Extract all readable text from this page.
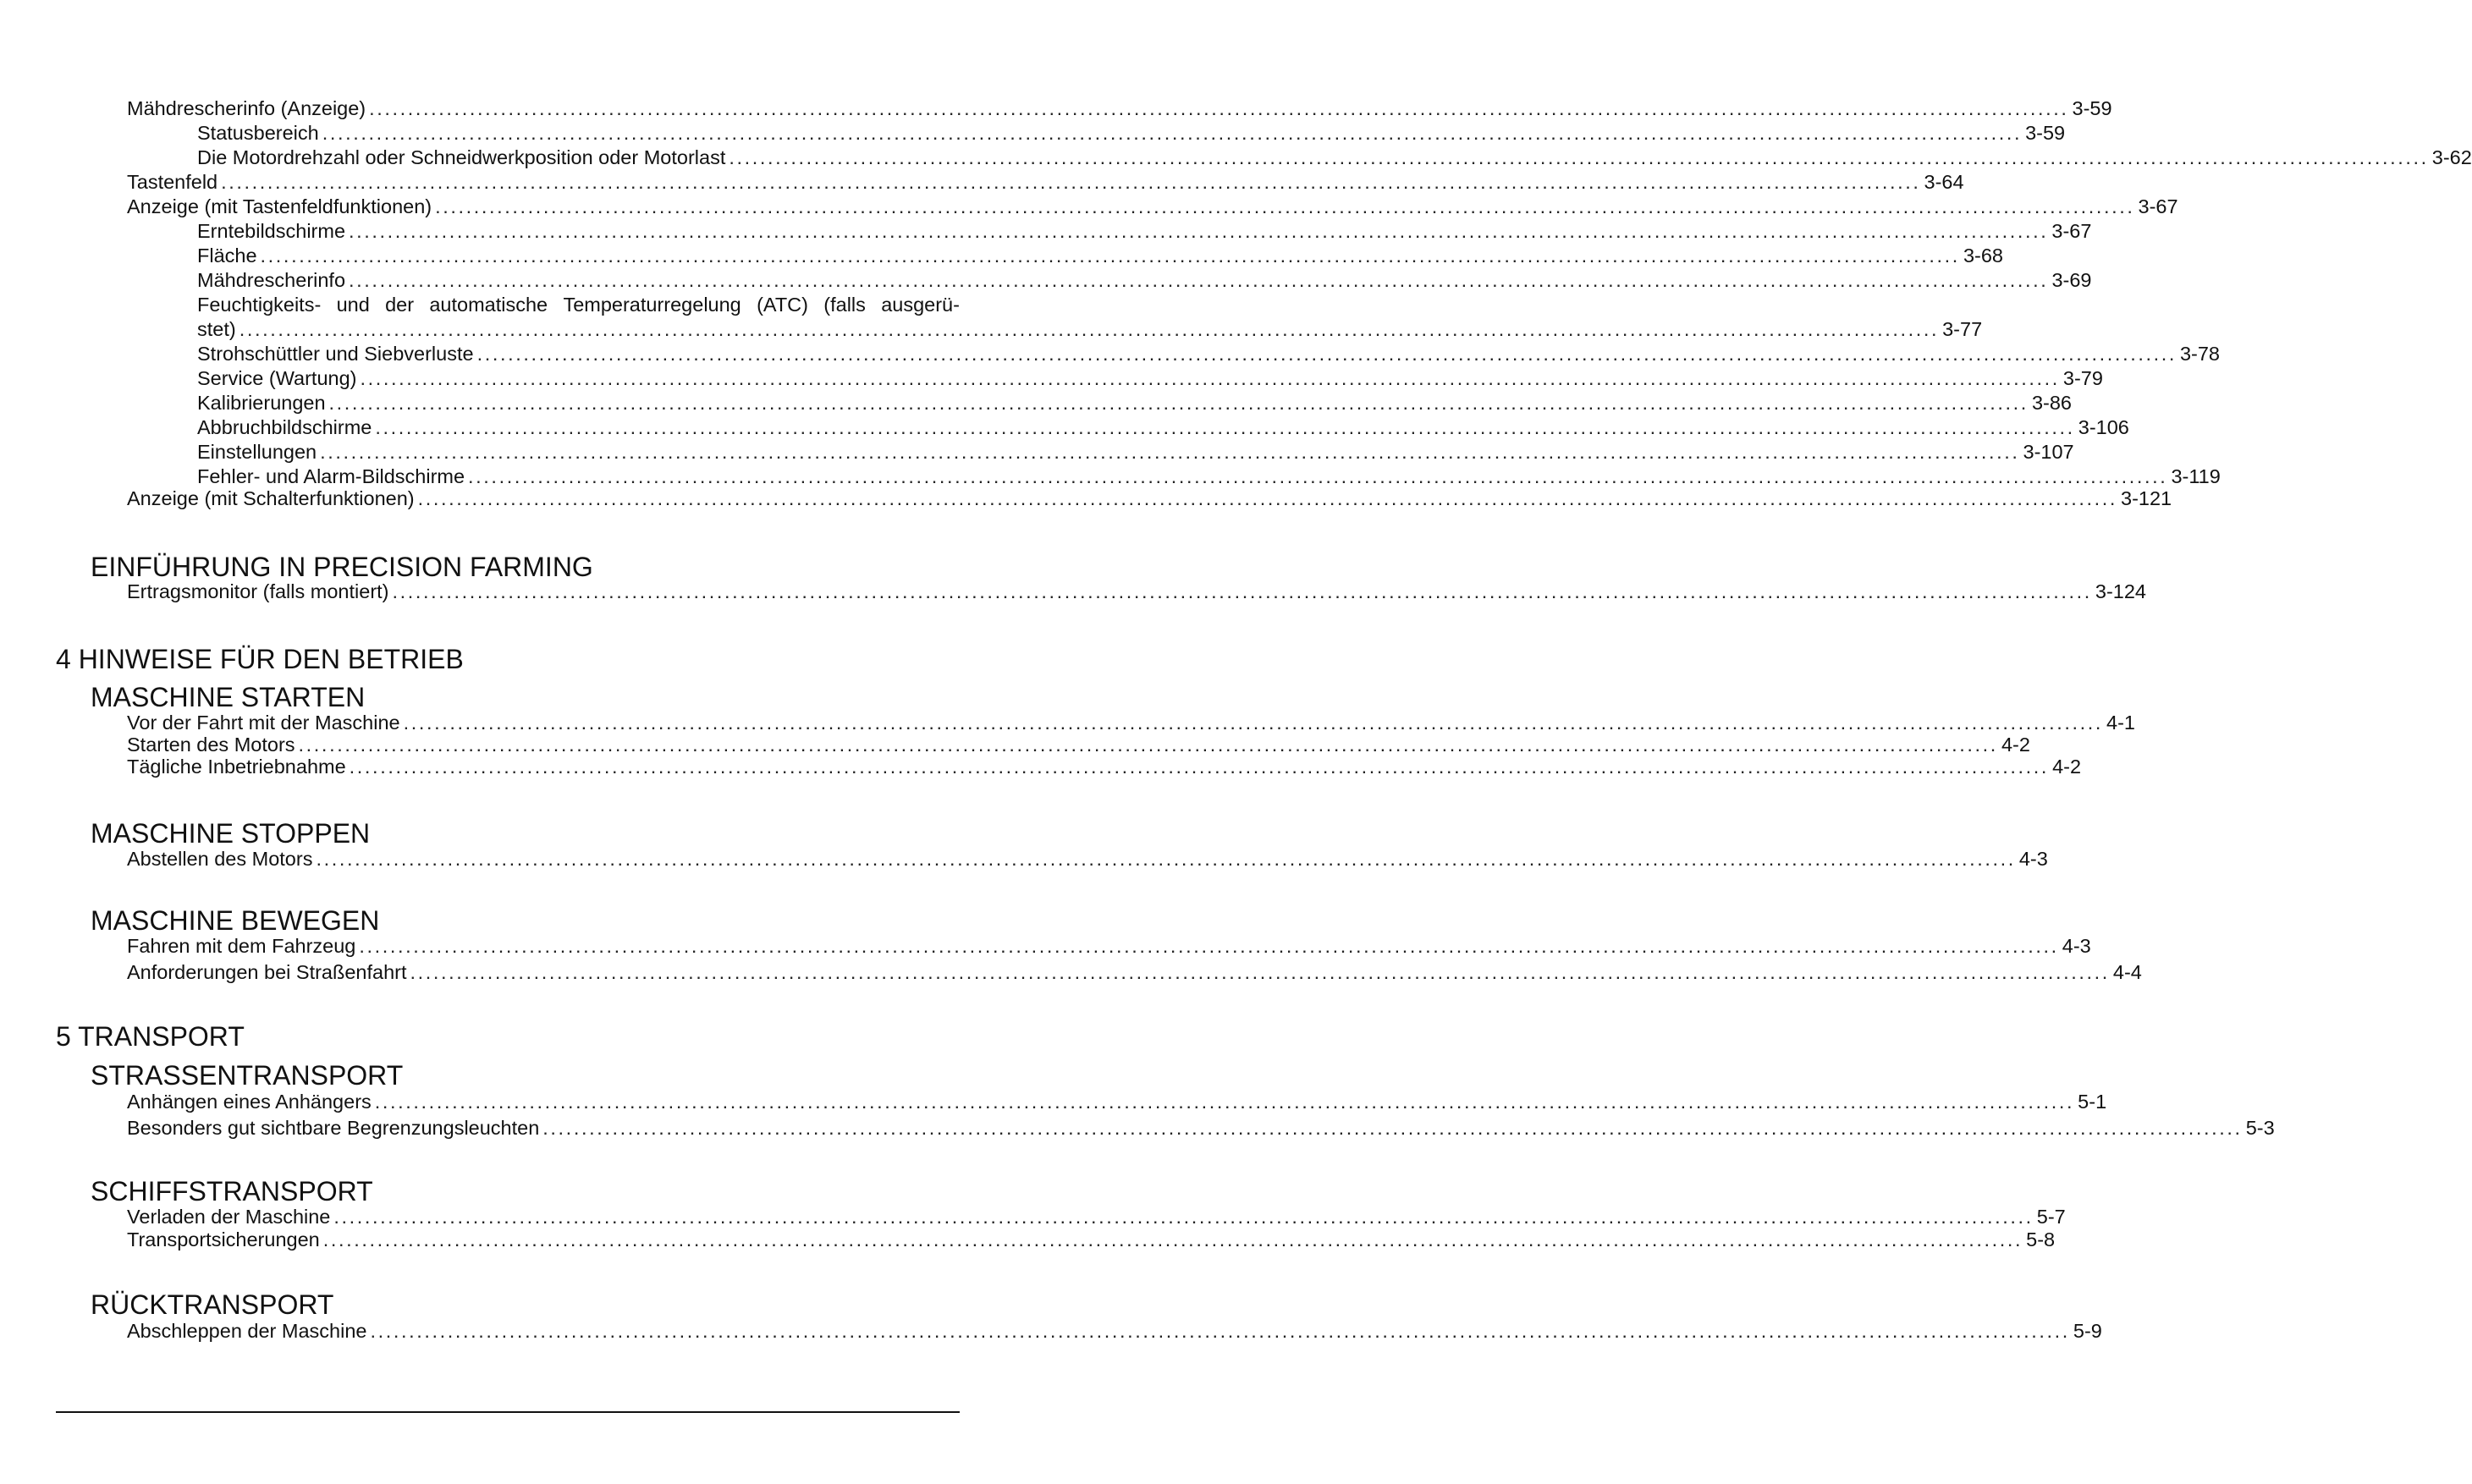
Mähdrescherinfo (Anzeige) ............................................................................................................................................................................................................................ 3-59
Statusbereich ............................................................................................................................................................................................................................ 3-59
Die Motordrehzahl oder Schneidwerkposition oder Motorlast ............................................................................................................................................................................................................................ 3-62
Tastenfeld ............................................................................................................................................................................................................................ 3-64
Anzeige (mit Tastenfeldfunktionen) ............................................................................................................................................................................................................................ 3-67
Erntebildschirme ............................................................................................................................................................................................................................ 3-67
Fläche ............................................................................................................................................................................................................................ 3-68
Mähdrescherinfo ............................................................................................................................................................................................................................ 3-69
Feuchtigkeits- und der automatische Temperaturregelung (ATC) (falls ausgerü-
stet) ............................................................................................................................................................................................................................ 3-77
Strohschüttler und Siebverluste ............................................................................................................................................................................................................................ 3-78
Service (Wartung) ............................................................................................................................................................................................................................ 3-79
Kalibrierungen ............................................................................................................................................................................................................................ 3-86
Abbruchbildschirme ............................................................................................................................................................................................................................ 3-106
Einstellungen ............................................................................................................................................................................................................................ 3-107
Fehler- und Alarm-Bildschirme ............................................................................................................................................................................................................................ 3-119
Anzeige (mit Schalterfunktionen) ............................................................................................................................................................................................................................ 3-121
EINFÜHRUNG IN PRECISION FARMING
Ertragsmonitor (falls montiert) ............................................................................................................................................................................................................................ 3-124
4 HINWEISE FÜR DEN BETRIEB
MASCHINE STARTEN
Vor der Fahrt mit der Maschine ............................................................................................................................................................................................................................ 4-1
Starten des Motors ............................................................................................................................................................................................................................ 4-2
Tägliche Inbetriebnahme ............................................................................................................................................................................................................................ 4-2
MASCHINE STOPPEN
Abstellen des Motors ............................................................................................................................................................................................................................ 4-3
MASCHINE BEWEGEN
Fahren mit dem Fahrzeug ............................................................................................................................................................................................................................ 4-3
Anforderungen bei Straßenfahrt ............................................................................................................................................................................................................................ 4-4
5 TRANSPORT
STRASSENTRANSPORT
Anhängen eines Anhängers ............................................................................................................................................................................................................................ 5-1
Besonders gut sichtbare Begrenzungsleuchten ............................................................................................................................................................................................................................ 5-3
SCHIFFSTRANSPORT
Verladen der Maschine ............................................................................................................................................................................................................................ 5-7
Transportsicherungen ............................................................................................................................................................................................................................ 5-8
RÜCKTRANSPORT
Abschleppen der Maschine ............................................................................................................................................................................................................................ 5-9
